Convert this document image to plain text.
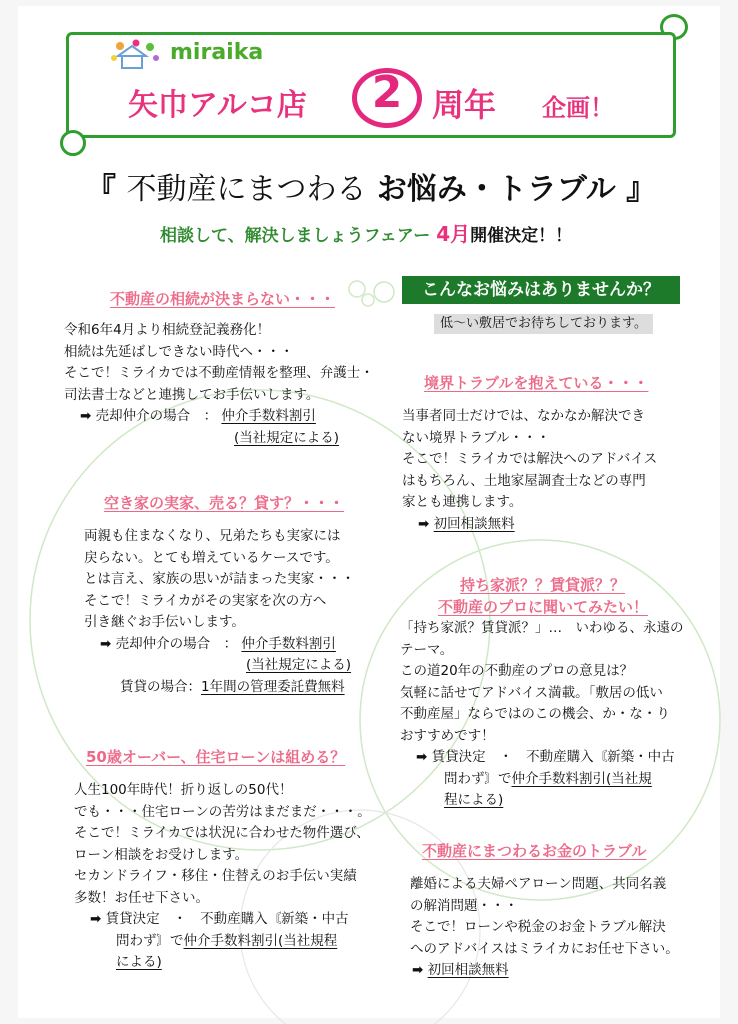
miraika
矢巾アルコ店	2 周年 企画！
『 不動産にまつわる お悩み・トラブル 』
相談して、解決しましょうフェアー 4月開催決定！！
こんなお悩みはありませんか？
低〜い敷居でお待ちしております。
不動産の相続が決まらない・・・

令和6年4月より相続登記義務化！

相続は先延ばしできない時代へ・・・

そこで！ミライカでは不動産情報を整理、弁護士・

司法書士などと連携してお手伝いします。

➡ 売却仲介の場合　： 仲介手数料割引

(当社規定による)

空き家の実家、売る？貸す？・・・

両親も住まなくなり、兄弟たちも実家には

戻らない。とても増えているケースです。

とは言え、家族の思いが詰まった実家・・・

そこで！ミライカがその実家を次の方へ

引き継ぐお手伝いします。

➡ 売却仲介の場合　： 仲介手数料割引

(当社規定による)

賃貸の場合：1年間の管理委託費無料

50歳オーバー、住宅ローンは組める？

人生100年時代！折り返しの50代！

でも・・・住宅ローンの苦労はまだまだ・・・。

そこで！ミライカでは状況に合わせた物件選び、

ローン相談をお受けします。

セカンドライフ・移住・住替えのお手伝い実績

多数！お任せ下さい。

➡ 賃貸決定　・　不動産購入〘新築・中古

問わず〙で仲介手数料割引(当社規程

による)

境界トラブルを抱えている・・・

当事者同士だけでは、なかなか解決でき

ない境界トラブル・・・

そこで！ミライカでは解決へのアドバイス

はもちろん、土地家屋調査士などの専門

家とも連携します。

➡ 初回相談無料

持ち家派？？賃貸派？？
不動産のプロに聞いてみたい！

「持ち家派？賃貸派？」…　いわゆる、永遠の

テーマ。

この道20年の不動産のプロの意見は？

気軽に話せてアドバイス満載。「敷居の低い

不動産屋」ならではのこの機会、か・な・り

おすすめです！

➡ 賃貸決定　・　不動産購入〘新築・中古

問わず〙で仲介手数料割引(当社規

程による)

不動産にまつわるお金のトラブル

離婚による夫婦ペアローン問題、共同名義

の解消問題・・・

そこで！ローンや税金のお金トラブル解決

へのアドバイスはミライカにお任せ下さい。

➡ 初回相談無料
